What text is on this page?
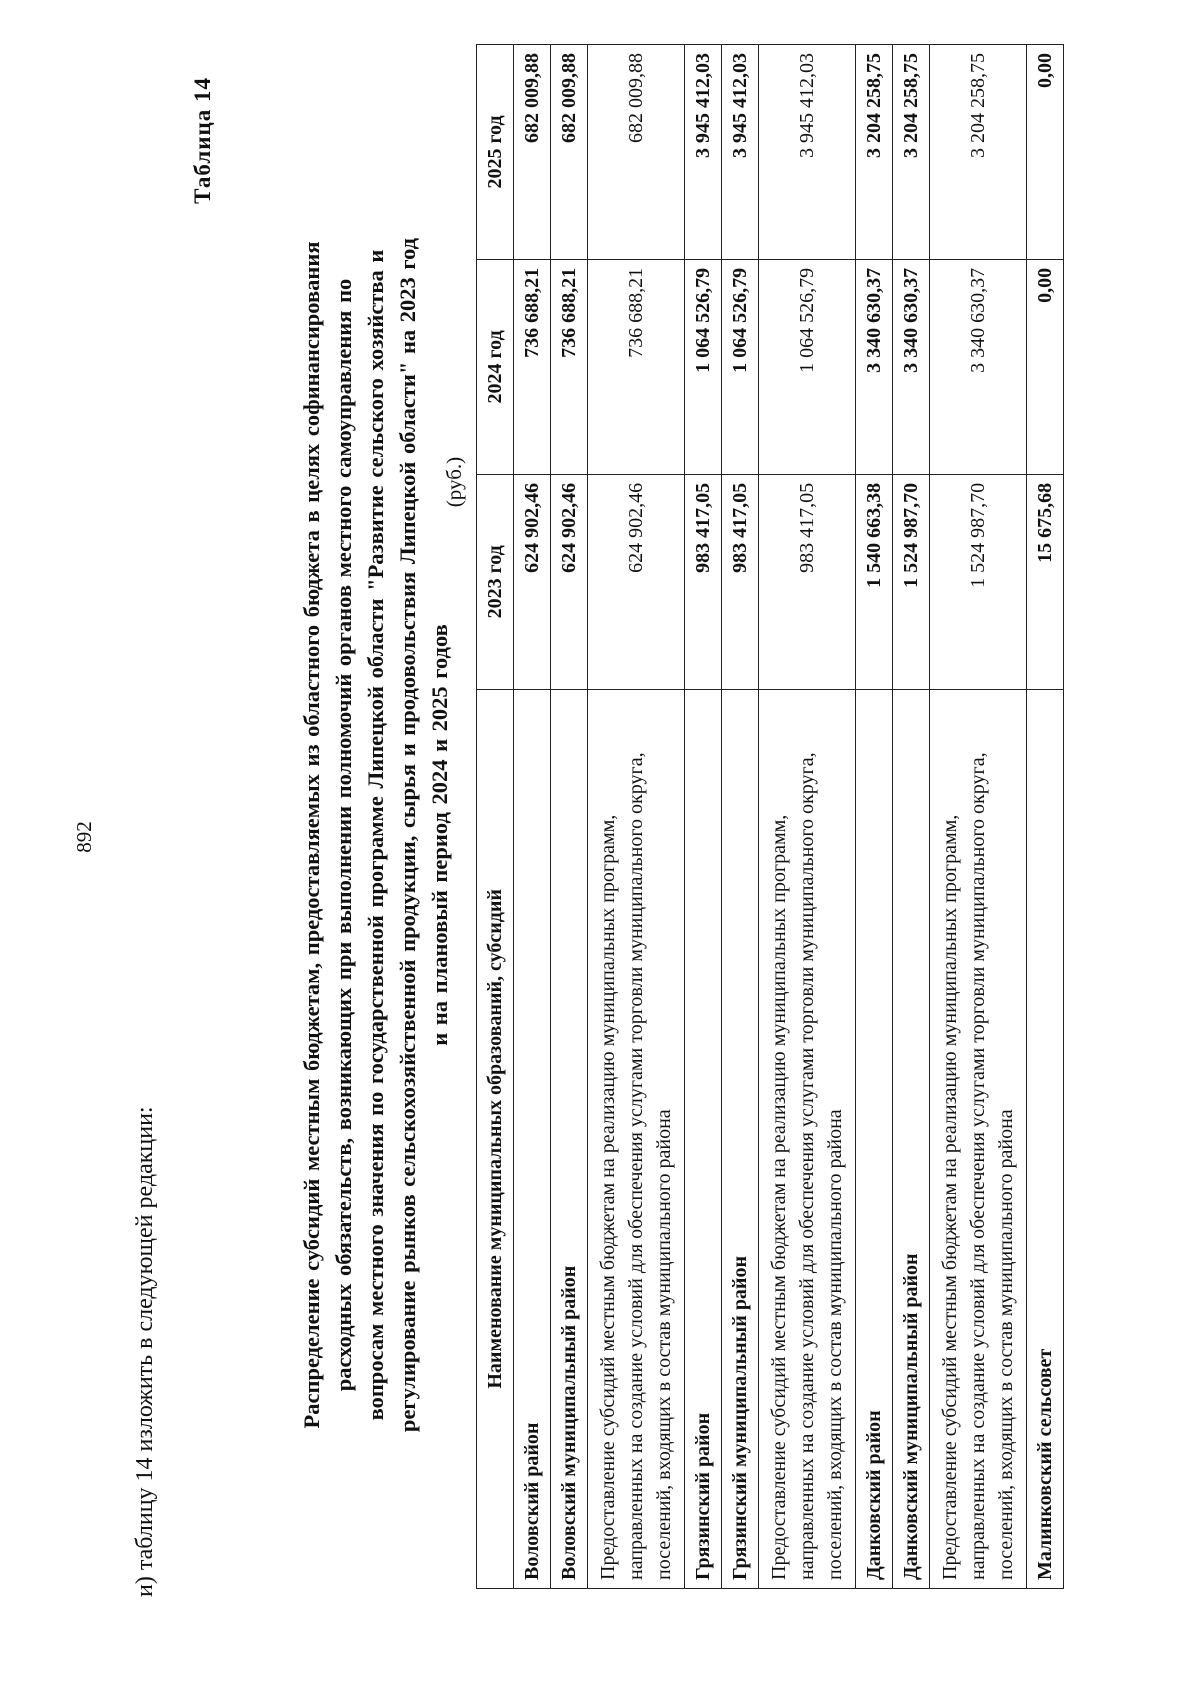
892
и) таблицу 14 изложить в следующей редакции:
Таблица 14
Распределение субсидий местным бюджетам, предоставляемых из областного бюджета в целях софинансирования расходных обязательств, возникающих при выполнении полномочий органов местного самоуправления по вопросам местного значения по государственной программе Липецкой области "Развитие сельского хозяйства и регулирование рынков сельскохозяйственной продукции, сырья и продовольствия Липецкой области" на 2023 год и на плановый период 2024 и 2025 годов
(руб.)
Наименование муниципальных образований, субсидий	2023 год	2024 год	2025 год
Воловский район	624 902,46	736 688,21	682 009,88
Воловский муниципальный район	624 902,46	736 688,21	682 009,88
Предоставление субсидий местным бюджетам на реализацию муниципальных программ, направленных на создание условий для обеспечения услугами торговли муниципального округа, поселений, входящих в состав муниципального района	624 902,46	736 688,21	682 009,88
Грязинский район	983 417,05	1 064 526,79	3 945 412,03
Грязинский муниципальный район	983 417,05	1 064 526,79	3 945 412,03
Предоставление субсидий местным бюджетам на реализацию муниципальных программ, направленных на создание условий для обеспечения услугами торговли муниципального округа, поселений, входящих в состав муниципального района	983 417,05	1 064 526,79	3 945 412,03
Данковский район	1 540 663,38	3 340 630,37	3 204 258,75
Данковский муниципальный район	1 524 987,70	3 340 630,37	3 204 258,75
Предоставление субсидий местным бюджетам на реализацию муниципальных программ, направленных на создание условий для обеспечения услугами торговли муниципального округа, поселений, входящих в состав муниципального района	1 524 987,70	3 340 630,37	3 204 258,75
Малинковский сельсовет	15 675,68	0,00	0,00
